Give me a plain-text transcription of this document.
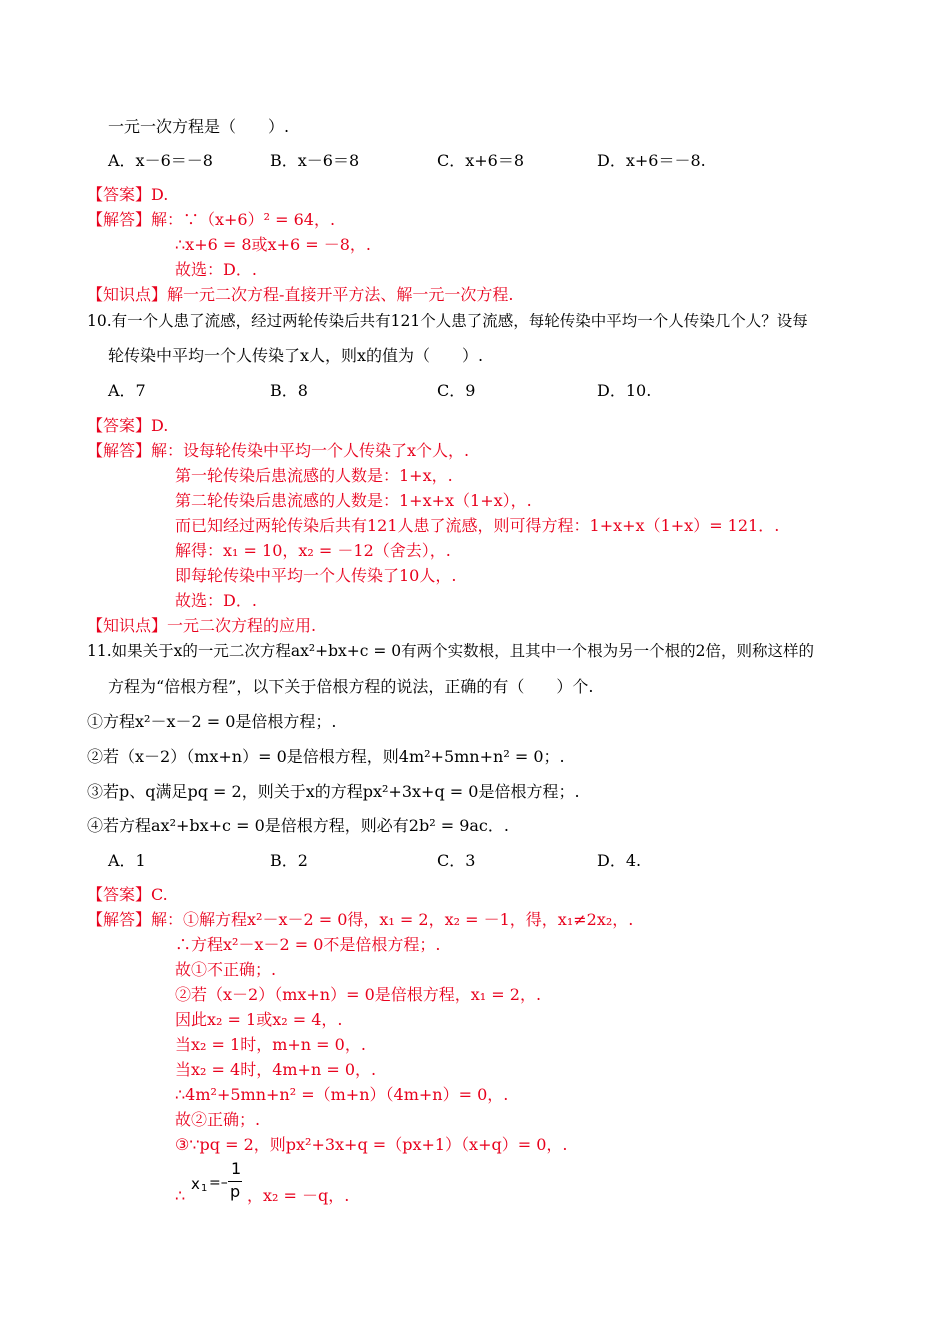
一元一次方程是（　　）.
A．x－6＝－8	B．x－6＝8	C．x+6＝8	D．x+6＝－8.
【答案】D.
【解答】解：∵（x+6）² = 64，.
∴x+6 = 8或x+6 = －8，.
故选：D．.
【知识点】解一元二次方程-直接开平方法、解一元一次方程.
10.有一个人患了流感，经过两轮传染后共有121个人患了流感，每轮传染中平均一个人传染几个人？设每
轮传染中平均一个人传染了x人，则x的值为（　　）.
A．7	B．8	C．9	D．10.
【答案】D.
【解答】解：设每轮传染中平均一个人传染了x个人，.
第一轮传染后患流感的人数是：1+x，.
第二轮传染后患流感的人数是：1+x+x（1+x），.
而已知经过两轮传染后共有121人患了流感，则可得方程：1+x+x（1+x）= 121．.
解得：x₁ = 10，x₂ = －12（舍去），.
即每轮传染中平均一个人传染了10人，.
故选：D．.
【知识点】一元二次方程的应用.
11.如果关于x的一元二次方程ax²+bx+c = 0有两个实数根，且其中一个根为另一个根的2倍，则称这样的
方程为“倍根方程”，以下关于倍根方程的说法，正确的有（　　）个.
①方程x²－x－2 = 0是倍根方程；.
②若（x－2）（mx+n）= 0是倍根方程，则4m²+5mn+n² = 0；.
③若p、q满足pq = 2，则关于x的方程px²+3x+q = 0是倍根方程；.
④若方程ax²+bx+c = 0是倍根方程，则必有2b² = 9ac．.
A．1	B．2	C．3	D．4.
【答案】C.
【解答】解：①解方程x²－x－2 = 0得，x₁ = 2，x₂ = －1，得，x₁≠2x₂，.
∴方程x²－x－2 = 0不是倍根方程；.
故①不正确；.
②若（x－2）（mx+n）= 0是倍根方程，x₁ = 2，.
因此x₂ = 1或x₂ = 4，.
当x₂ = 1时，m+n = 0，.
当x₂ = 4时，4m+n = 0，.
∴4m²+5mn+n² =（m+n）（4m+n）= 0，.
故②正确；.
③∵pq = 2，则px²+3x+q =（px+1）（x+q）= 0，.
∴
x 1 =–
1
p ，x₂ = －q，.
